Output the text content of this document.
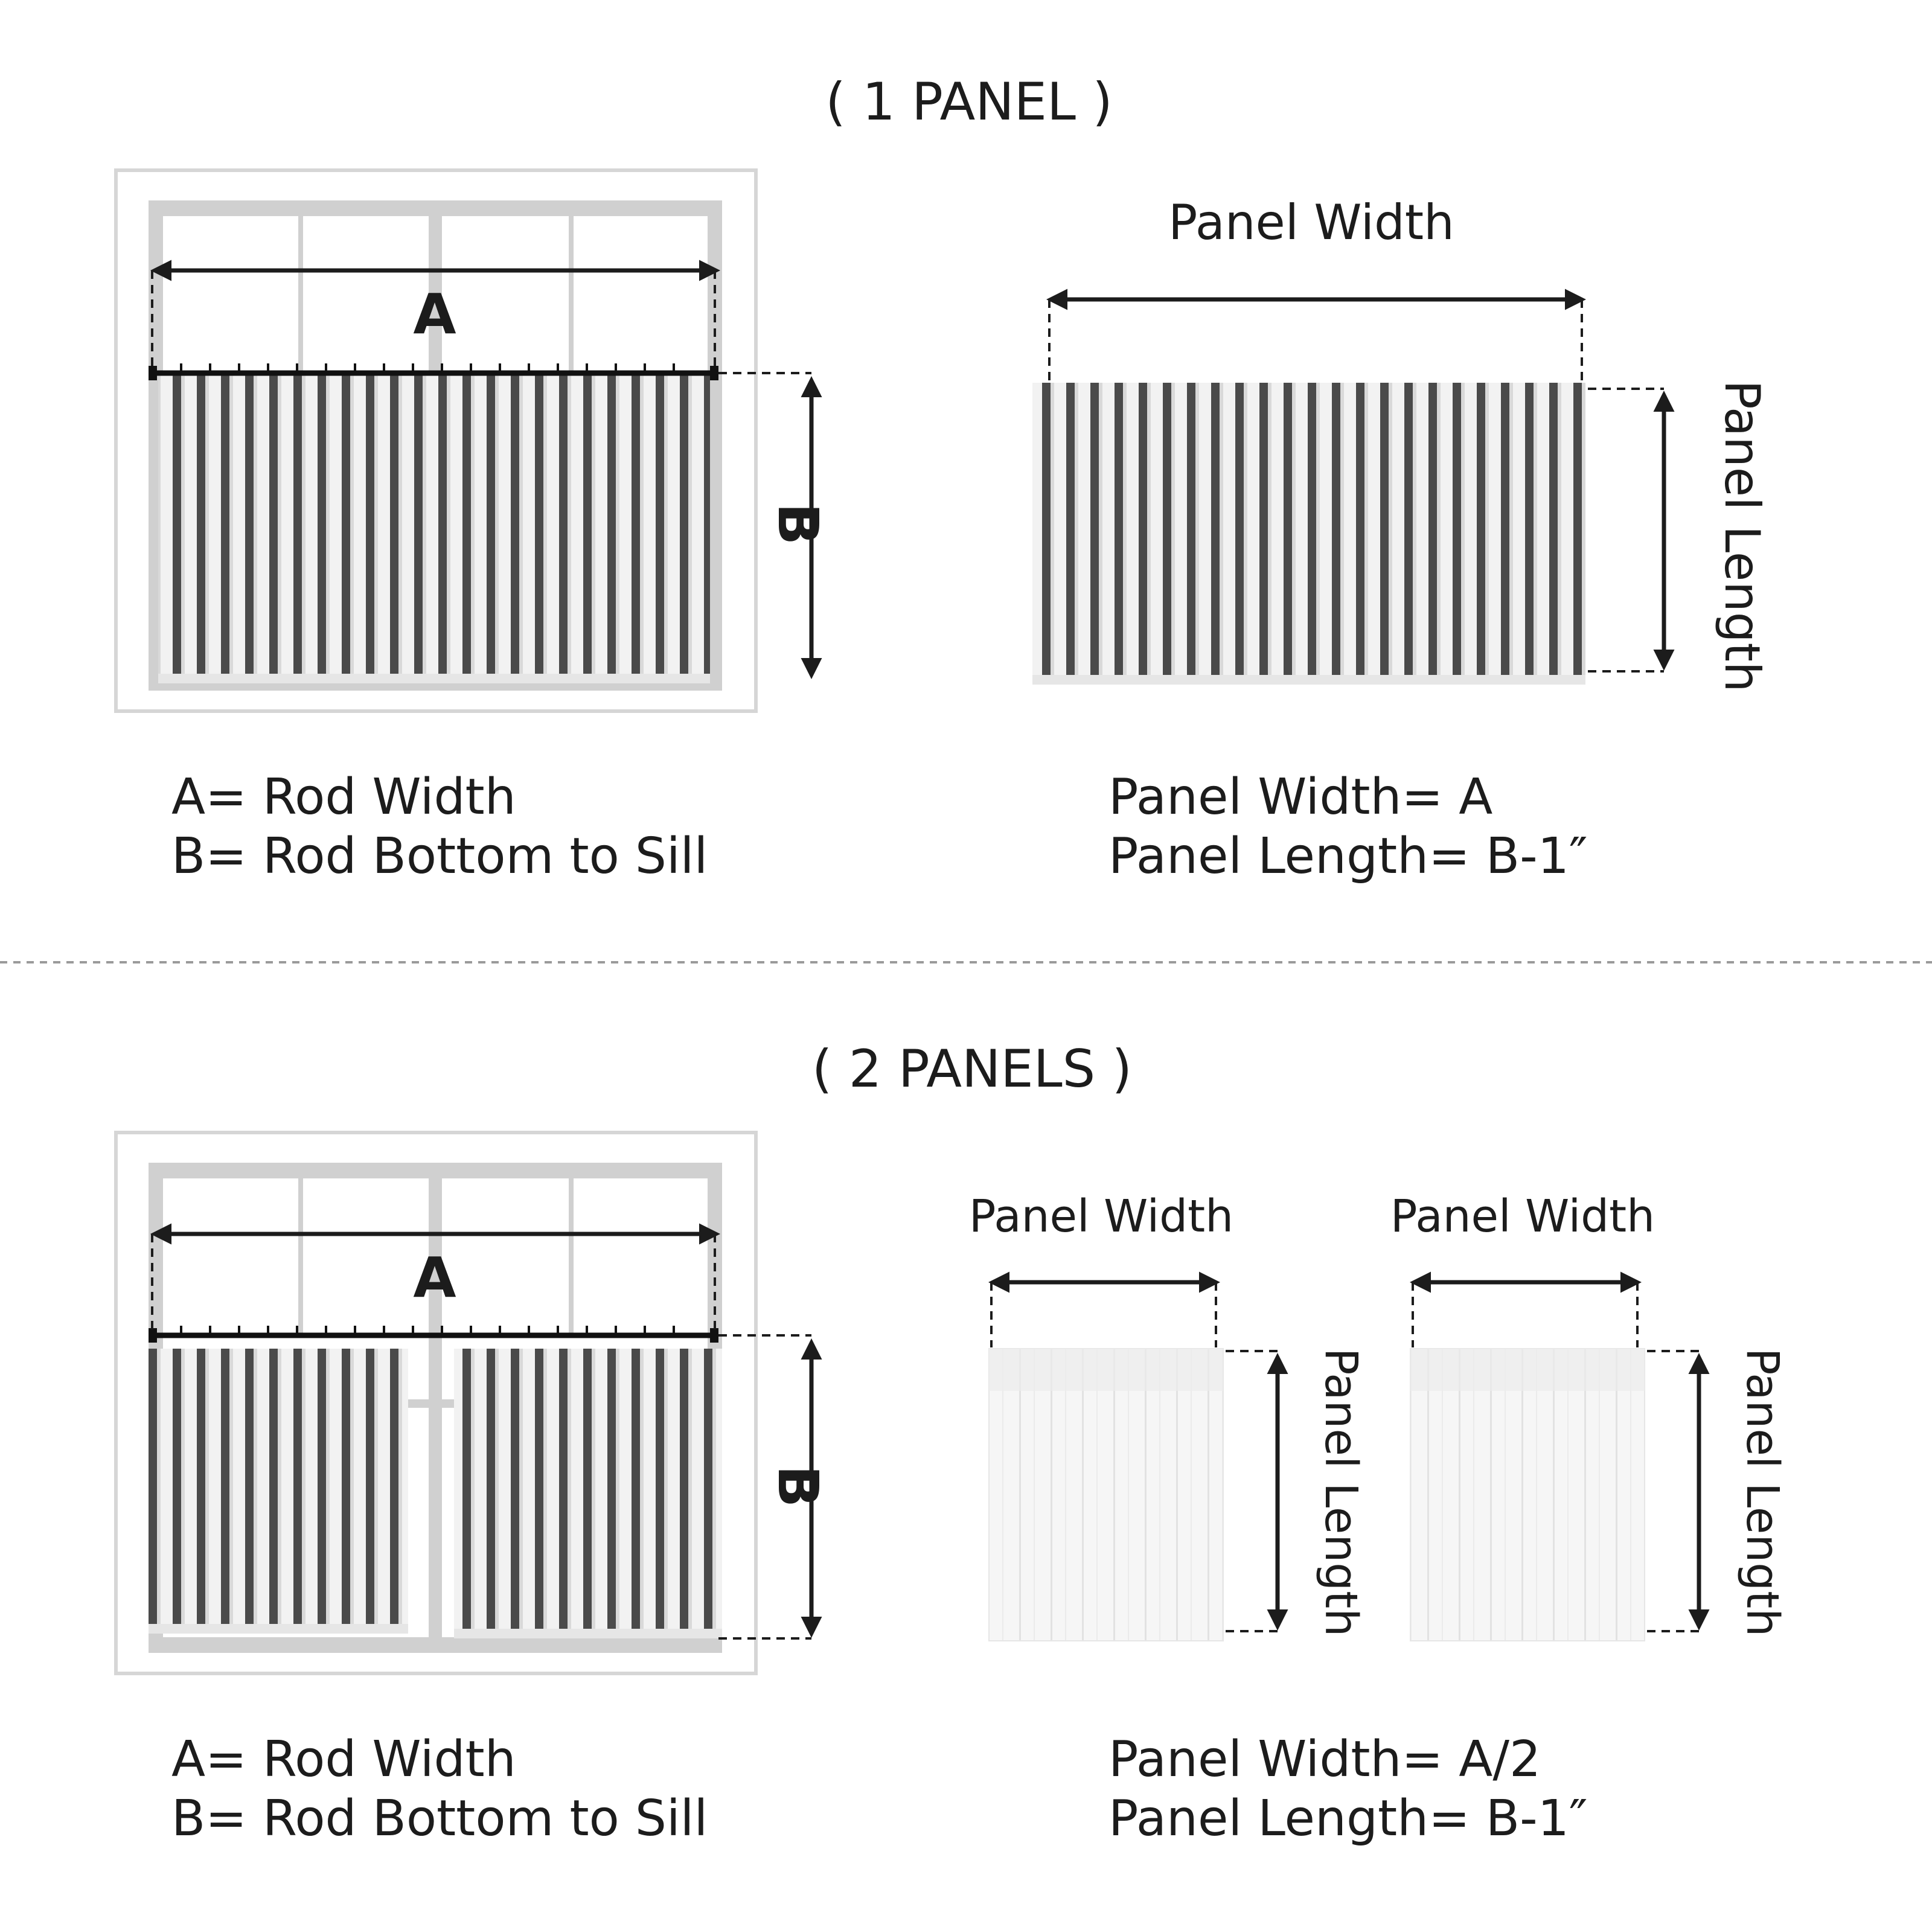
( 1 PANEL )
A
B
A= Rod Width
B= Rod Bottom to Sill
Panel Width
Panel Length
Panel Width= A
Panel Length= B-1″
( 2 PANELS )
A
B
A= Rod Width
B= Rod Bottom to Sill
Panel Width
Panel Length
Panel Width
Panel Length
Panel Width= A/2
Panel Length= B-1″
